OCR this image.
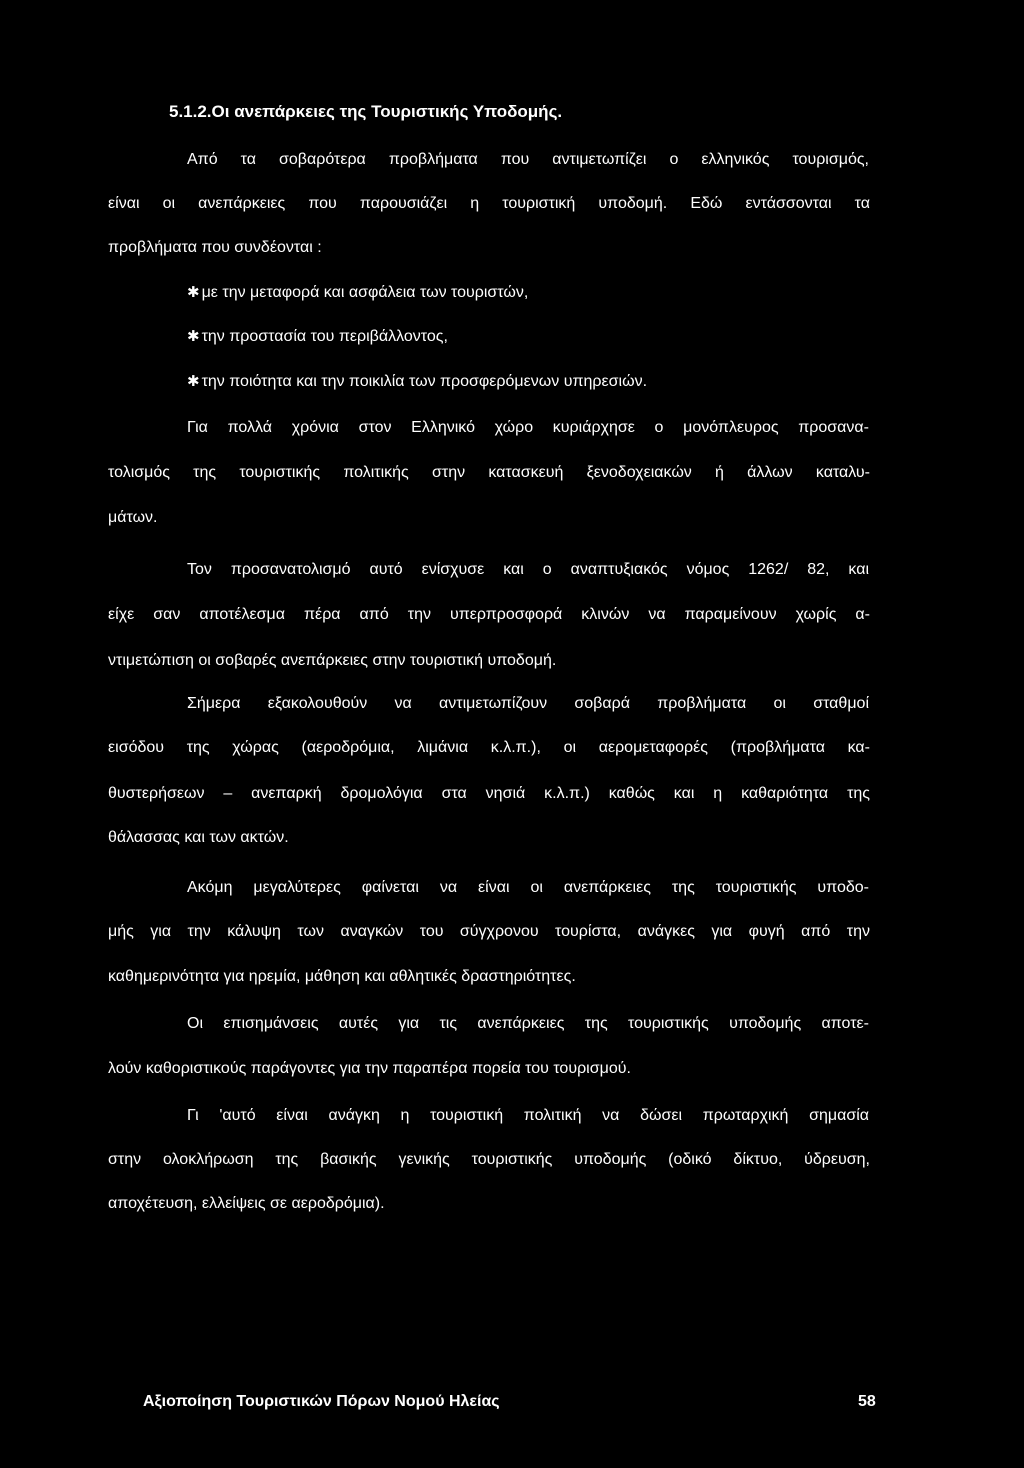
5.1.2.Οι ανεπάρκειες της Τουριστικής Υποδομής.
Από τα σοβαρότερα προβλήματα που αντιμετωπίζει ο ελληνικός τουρισμός,
είναι οι ανεπάρκειες που παρουσιάζει η τουριστική υποδομή. Εδώ εντάσσονται τα
προβλήματα που συνδέονται :
✱ με την μεταφορά και ασφάλεια των τουριστών,
✱ την προστασία του περιβάλλοντος,
✱ την ποιότητα και την ποικιλία των προσφερόμενων υπηρεσιών.
Για πολλά χρόνια στον Ελληνικό χώρο κυριάρχησε ο μονόπλευρος προσανα-
τολισμός της τουριστικής πολιτικής στην κατασκευή ξενοδοχειακών ή άλλων καταλυ-
μάτων.
Τον προσανατολισμό αυτό ενίσχυσε και ο αναπτυξιακός νόμος 1262/ 82, και
είχε σαν αποτέλεσμα πέρα από την υπερπροσφορά κλινών να παραμείνουν χωρίς α-
ντιμετώπιση οι σοβαρές ανεπάρκειες στην τουριστική υποδομή.
Σήμερα εξακολουθούν να αντιμετωπίζουν σοβαρά προβλήματα οι σταθμοί
εισόδου της χώρας (αεροδρόμια, λιμάνια κ.λ.π.), οι αερομεταφορές (προβλήματα κα-
θυστερήσεων – ανεπαρκή δρομολόγια στα νησιά κ.λ.π.) καθώς και η καθαριότητα της
θάλασσας και των ακτών.
Ακόμη μεγαλύτερες φαίνεται να είναι οι ανεπάρκειες της τουριστικής υποδο-
μής για την κάλυψη των αναγκών του σύγχρονου τουρίστα, ανάγκες για φυγή από την
καθημερινότητα για ηρεμία, μάθηση και αθλητικές δραστηριότητες.
Οι επισημάνσεις αυτές για τις ανεπάρκειες της τουριστικής υποδομής αποτε-
λούν καθοριστικούς παράγοντες για την παραπέρα πορεία του τουρισμού.
Γι 'αυτό είναι ανάγκη η τουριστική πολιτική να δώσει πρωταρχική σημασία
στην ολοκλήρωση της βασικής γενικής τουριστικής υποδομής (οδικό δίκτυο, ύδρευση,
αποχέτευση, ελλείψεις σε αεροδρόμια).
Αξιοποίηση Τουριστικών Πόρων Νομού Ηλείας	58
